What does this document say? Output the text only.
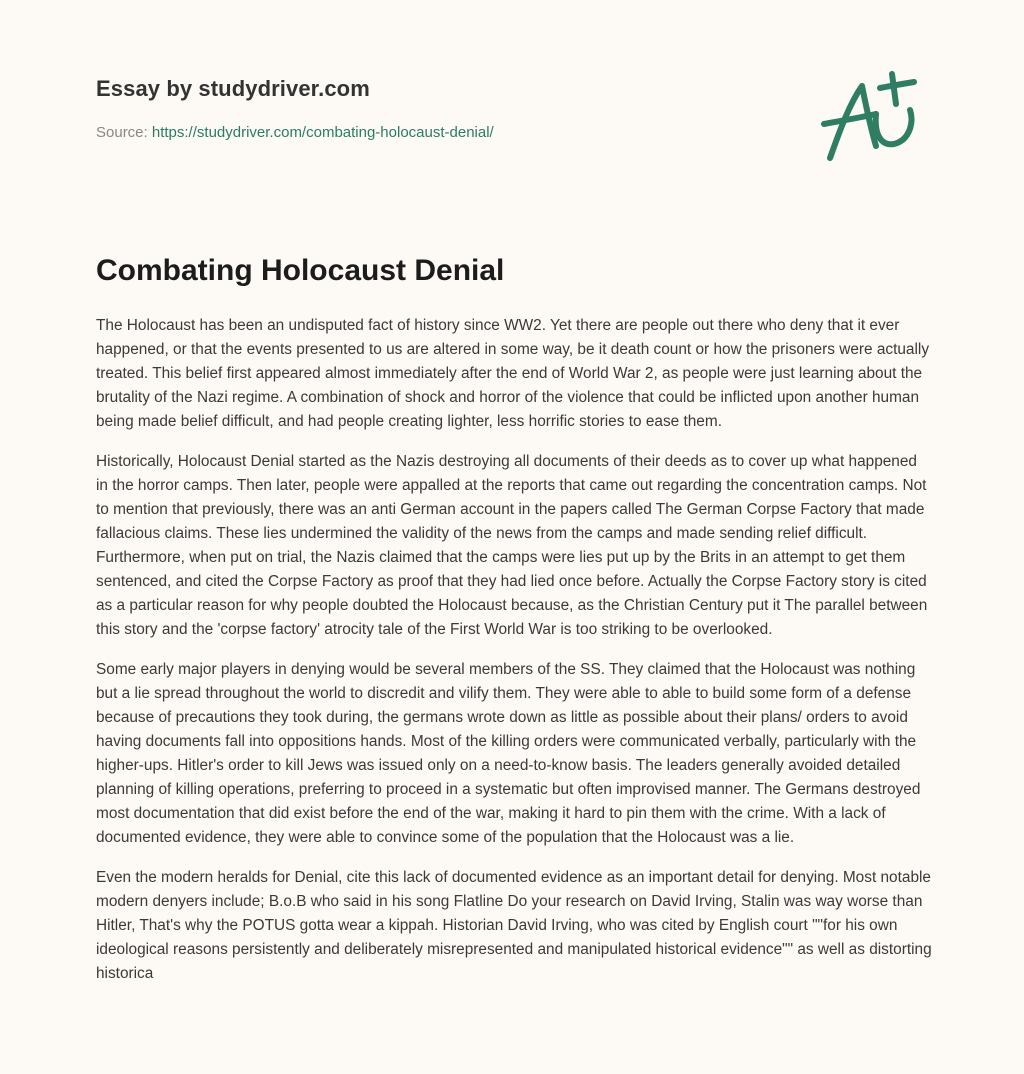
Essay by studydriver.com
Source: https://studydriver.com/combating-holocaust-denial/
Combating Holocaust Denial

The Holocaust has been an undisputed fact of history since WW2. Yet there are people out there who deny that it ever happened, or that the events presented to us are altered in some way, be it death count or how the prisoners were actually treated. This belief first appeared almost immediately after the end of World War 2, as people were just learning about the brutality of the Nazi regime. A combination of shock and horror of the violence that could be inflicted upon another human being made belief difficult, and had people creating lighter, less horrific stories to ease them.

Historically, Holocaust Denial started as the Nazis destroying all documents of their deeds as to cover up what happened in the horror camps. Then later, people were appalled at the reports that came out regarding the concentration camps. Not to mention that previously, there was an anti German account in the papers called The German Corpse Factory that made fallacious claims. These lies undermined the validity of the news from the camps and made sending relief difficult. Furthermore, when put on trial, the Nazis claimed that the camps were lies put up by the Brits in an attempt to get them sentenced, and cited the Corpse Factory as proof that they had lied once before. Actually the Corpse Factory story is cited as a particular reason for why people doubted the Holocaust because, as the Christian Century put it The parallel between this story and the 'corpse factory' atrocity tale of the First World War is too striking to be overlooked.

Some early major players in denying would be several members of the SS. They claimed that the Holocaust was nothing but a lie spread throughout the world to discredit and vilify them. They were able to able to build some form of a defense because of precautions they took during, the germans wrote down as little as possible about their plans/ orders to avoid having documents fall into oppositions hands. Most of the killing orders were communicated verbally, particularly with the higher-ups. Hitler's order to kill Jews was issued only on a need-to-know basis. The leaders generally avoided detailed planning of killing operations, preferring to proceed in a systematic but often improvised manner. The Germans destroyed most documentation that did exist before the end of the war, making it hard to pin them with the crime. With a lack of documented evidence, they were able to convince some of the population that the Holocaust was a lie.

Even the modern heralds for Denial, cite this lack of documented evidence as an important detail for denying. Most notable modern denyers include; B.o.B who said in his song Flatline Do your research on David Irving, Stalin was way worse than Hitler, That's why the POTUS gotta wear a kippah. Historian David Irving, who was cited by English court ""for his own ideological reasons persistently and deliberately misrepresented and manipulated historical evidence"" as well as distorting historica
